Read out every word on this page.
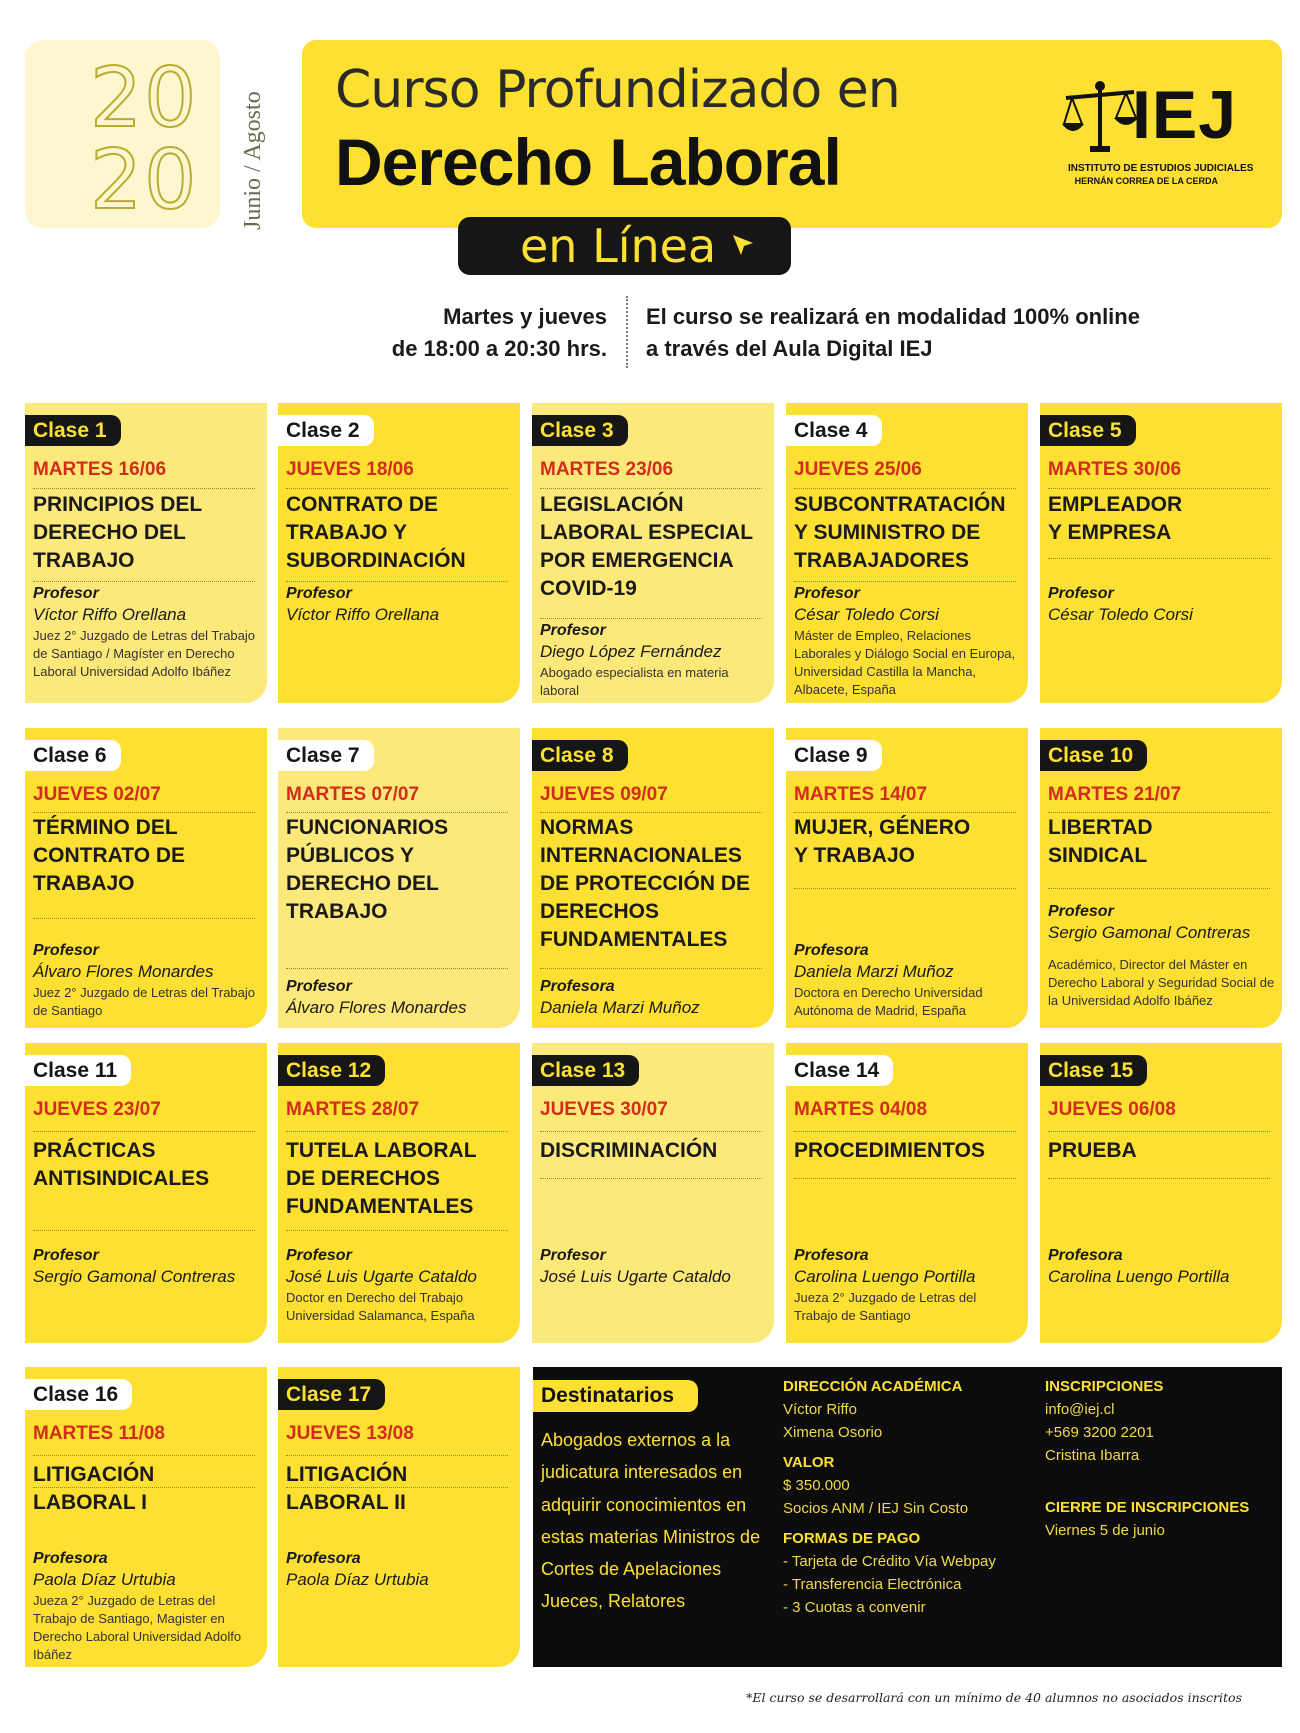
20
20	Junio / Agosto
Curso Profundizado en
Derecho Laboral
IEJ
INSTITUTO DE ESTUDIOS JUDICIALES
HERNÁN CORREA DE LA CERDA
en Línea
Martes y jueves
de 18:00 a 20:30 hrs.
El curso se realizará en modalidad 100% online
a través del Aula Digital IEJ
Clase 1
MARTES 16/06
PRINCIPIOS DEL
DERECHO DEL
TRABAJO
Profesor
Víctor Riffo Orellana
Juez 2° Juzgado de Letras del Trabajo de Santiago / Magíster en Derecho Laboral Universidad Adolfo Ibáñez
Clase 2
JUEVES 18/06
CONTRATO DE
TRABAJO Y
SUBORDINACIÓN
Profesor
Víctor Riffo Orellana
Clase 3
MARTES 23/06
LEGISLACIÓN
LABORAL ESPECIAL
POR EMERGENCIA
COVID-19
Profesor
Diego López Fernández
Abogado especialista en materia laboral
Clase 4
JUEVES 25/06
SUBCONTRATACIÓN
Y SUMINISTRO DE
TRABAJADORES
Profesor
César Toledo Corsi
Máster de Empleo, Relaciones Laborales y Diálogo Social en Europa, Universidad Castilla la Mancha, Albacete, España
Clase 5
MARTES 30/06
EMPLEADOR
Y EMPRESA
Profesor
César Toledo Corsi
Clase 6
JUEVES 02/07
TÉRMINO DEL
CONTRATO DE
TRABAJO
Profesor
Álvaro Flores Monardes
Juez 2° Juzgado de Letras del Trabajo de Santiago
Clase 7
MARTES 07/07
FUNCIONARIOS
PÚBLICOS Y
DERECHO DEL
TRABAJO
Profesor
Álvaro Flores Monardes
Clase 8
JUEVES 09/07
NORMAS
INTERNACIONALES
DE PROTECCIÓN DE
DERECHOS
FUNDAMENTALES
Profesora
Daniela Marzi Muñoz
Clase 9
MARTES 14/07
MUJER, GÉNERO
Y TRABAJO
Profesora
Daniela Marzi Muñoz
Doctora en Derecho Universidad Autónoma de Madrid, España
Clase 10
MARTES 21/07
LIBERTAD
SINDICAL
Profesor
Sergio Gamonal Contreras
Académico, Director del Máster en Derecho Laboral y Seguridad Social de la Universidad Adolfo Ibáñez
Clase 11
JUEVES 23/07
PRÁCTICAS
ANTISINDICALES
Profesor
Sergio Gamonal Contreras
Clase 12
MARTES 28/07
TUTELA LABORAL
DE DERECHOS
FUNDAMENTALES
Profesor
José Luis Ugarte Cataldo
Doctor en Derecho del Trabajo Universidad Salamanca, España
Clase 13
JUEVES 30/07
DISCRIMINACIÓN
Profesor
José Luis Ugarte Cataldo
Clase 14
MARTES 04/08
PROCEDIMIENTOS
Profesora
Carolina Luengo Portilla
Jueza 2° Juzgado de Letras del Trabajo de Santiago
Clase 15
JUEVES 06/08
PRUEBA
Profesora
Carolina Luengo Portilla
Clase 16
MARTES 11/08
LITIGACIÓN
LABORAL I
Profesora
Paola Díaz Urtubia
Jueza 2° Juzgado de Letras del Trabajo de Santiago, Magister en Derecho Laboral Universidad Adolfo Ibáñez
Clase 17
JUEVES 13/08
LITIGACIÓN
LABORAL II
Profesora
Paola Díaz Urtubia
Destinatarios
Abogados externos a la judicatura interesados en adquirir conocimientos en estas materias Ministros de Cortes de Apelaciones Jueces, Relatores
DIRECCIÓN ACADÉMICA
Víctor Riffo
Ximena Osorio
VALOR
$ 350.000
Socios ANM / IEJ Sin Costo
FORMAS DE PAGO
- Tarjeta de Crédito Vía Webpay
- Transferencia Electrónica
- 3 Cuotas a convenir
INSCRIPCIONES
info@iej.cl
+569 3200 2201
Cristina Ibarra
CIERRE DE INSCRIPCIONES
Viernes 5 de junio
*El curso se desarrollará con un mínimo de 40 alumnos no asociados inscritos
